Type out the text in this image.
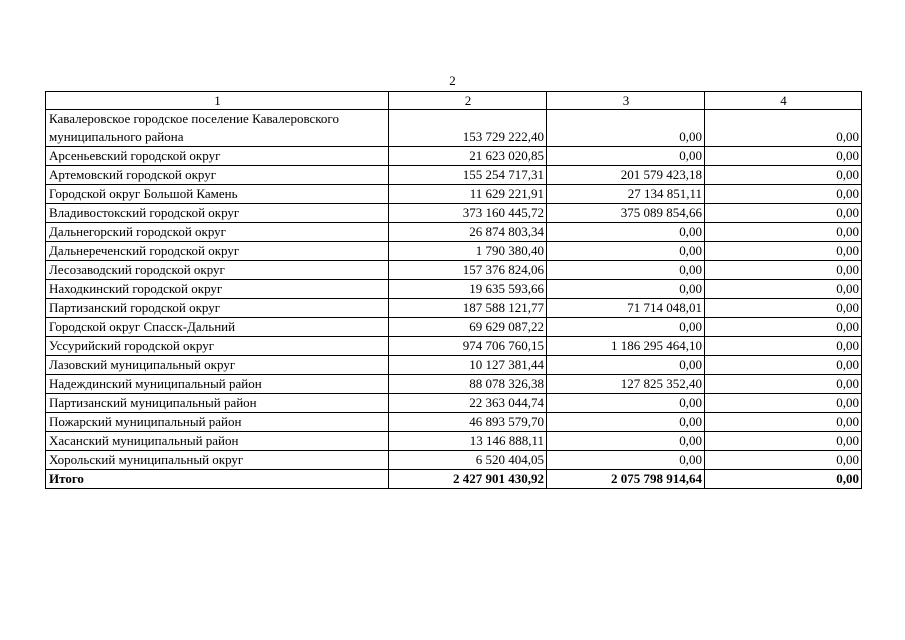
2
1	2	3	4
Кавалеровское городское поселение Кавалеровского муниципального района	153 729 222,40	0,00	0,00
Арсеньевский городской округ	21 623 020,85	0,00	0,00
Артемовский городской округ	155 254 717,31	201 579 423,18	0,00
Городской округ Большой Камень	11 629 221,91	27 134 851,11	0,00
Владивостокский городской округ	373 160 445,72	375 089 854,66	0,00
Дальнегорский городской округ	26 874 803,34	0,00	0,00
Дальнереченский городской округ	1 790 380,40	0,00	0,00
Лесозаводский городской округ	157 376 824,06	0,00	0,00
Находкинский городской округ	19 635 593,66	0,00	0,00
Партизанский городской округ	187 588 121,77	71 714 048,01	0,00
Городской округ Спасск-Дальний	69 629 087,22	0,00	0,00
Уссурийский городской округ	974 706 760,15	1 186 295 464,10	0,00
Лазовский муниципальный округ	10 127 381,44	0,00	0,00
Надеждинский муниципальный район	88 078 326,38	127 825 352,40	0,00
Партизанский муниципальный район	22 363 044,74	0,00	0,00
Пожарский муниципальный район	46 893 579,70	0,00	0,00
Хасанский муниципальный район	13 146 888,11	0,00	0,00
Хорольский муниципальный округ	6 520 404,05	0,00	0,00
Итого	2 427 901 430,92	2 075 798 914,64	0,00
